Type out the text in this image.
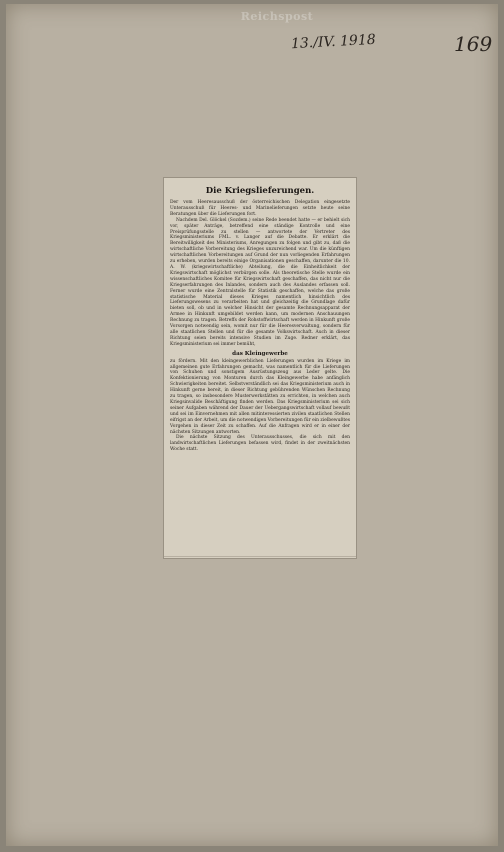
Reichspost
13./IV. 1918	169
Die Kriegslieferungen.

Der vom Heeresausschuß der österreichischen Delegation eingesetzte Unterausschuß für Heeres- und Marinelieferungen setzte heute seine Beratungen über die Lieferungen fort.

Nachdem Del. Glöckel (Sozdem.) seine Rede beendet hatte — er behielt sich vor, später Anträge, betreffend eine ständige Kontrolle und eine Preisprüfungsstelle zu stellen — antwortete der Vertreter des Kriegsministeriums FML. v. Langer auf die Debatte. Er erklärt die Bereitwilligkeit des Ministeriums, Anregungen zu folgen und gibt zu, daß die wirtschaftliche Vorbereitung des Krieges unzureichend war. Um die künftigen wirtschaftlichen Vorbereitungen auf Grund der nun vorliegenden Erfahrungen zu erheben, wurden bereits einige Organisationen geschaffen, darunter die 10. A. W. (kriegswirtschaftliche) Abteilung, die die Einheitlichkeit der Kriegswirtschaft möglichst verbürgen solle. Als theoretische Stelle wurde ein wissenschaftliches Komitee für Kriegswirtschaft geschaffen, das nicht nur die Kriegserfahrungen des Inlandes, sondern auch des Auslandes erfassen soll. Ferner wurde eine Zentralstelle für Statistik geschaffen, welche das große statistische Material dieses Krieges namentlich hinsichtlich des Lieferungswesens zu verarbeiten hat und gleichzeitig die Grundlage dafür bieten soll, ob und in welcher Hinsicht der gesamte Rechnungsapparat der Armee in Hinkunft umgebildet werden kann, um modernen Anschauungen Rechnung zu tragen. Betreffs der Rohstoffwirtschaft werden in Hinkunft große Vorsorgen notwendig sein, womit nur für die Heeresverwaltung, sondern für alle staatlichen Stellen und für die gesamte Volkswirtschaft. Auch in dieser Richtung seien bereits intensive Studien im Zuge. Redner erklärt, das Kriegsministerium sei immer bemüht,

das Kleingewerbe

zu fördern. Mit den kleingewerblichen Lieferungen wurden im Kriege im allgemeinen gute Erfahrungen gemacht, was namentlich für die Lieferungen von Schuhen und sonstigem Ausrüstungszeug aus Leder gelte. Die Konfektionierung von Monturen durch das Kleingewerbe habe anfänglich Schwierigkeiten bereitet. Selbstverständlich sei das Kriegsministerium auch in Hinkunft gerne bereit, in dieser Richtung gebührenden Wünschen Rechnung zu tragen, so insbesondere Musterwerkstätten zu errichten, in welchen auch Kriegsinvalide Beschäftigung finden werden. Das Kriegsministerium sei sich seiner Aufgaben während der Dauer der Uebergangswirtschaft vollauf bewußt und sei im Einvernehmen mit allen mitinteressierten zivilen staatlichen Stellen eifrigst an der Arbeit, um die notwendigen Vorbereitungen für ein zielbewußtes Vorgehen in dieser Zeit zu schaffen. Auf die Anfragen wird er in einer der nächsten Sitzungen antworten.

Die nächste Sitzung des Unterausschusses, die sich mit den landwirtschaftlichen Lieferungen befassen wird, findet in der zweitnächsten Woche statt.
